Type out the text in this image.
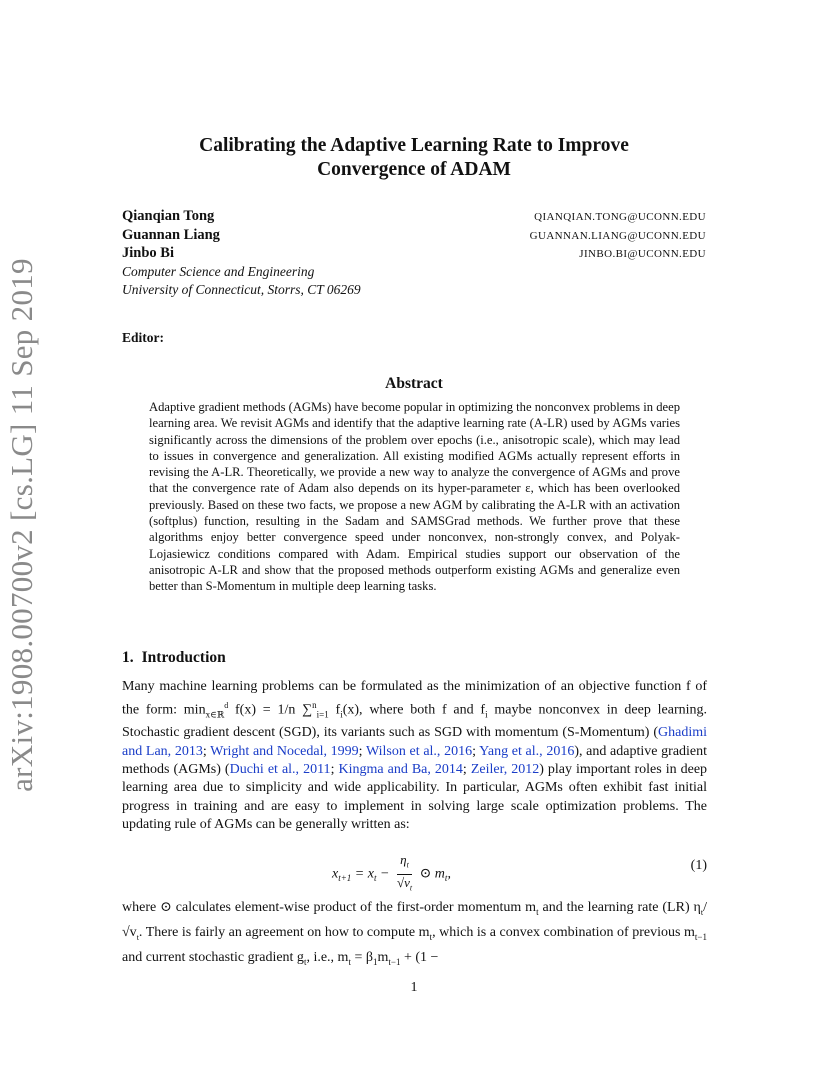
arXiv:1908.00700v2 [cs.LG] 11 Sep 2019
Calibrating the Adaptive Learning Rate to Improve
Convergence of ADAM
Qianqian Tong	QIANQIAN.TONG@UCONN.EDU
Guannan Liang	GUANNAN.LIANG@UCONN.EDU
Jinbo Bi	JINBO.BI@UCONN.EDU
Computer Science and Engineering
University of Connecticut, Storrs, CT 06269
Editor:
Abstract
Adaptive gradient methods (AGMs) have become popular in optimizing the nonconvex problems in deep learning area. We revisit AGMs and identify that the adaptive learning rate (A-LR) used by AGMs varies significantly across the dimensions of the problem over epochs (i.e., anisotropic scale), which may lead to issues in convergence and generalization. All existing modified AGMs actually represent efforts in revising the A-LR. Theoretically, we provide a new way to analyze the convergence of AGMs and prove that the convergence rate of Adam also depends on its hyper-parameter ε, which has been overlooked previously. Based on these two facts, we propose a new AGM by calibrating the A-LR with an activation (softplus) function, resulting in the Sadam and SAMSGrad methods. We further prove that these algorithms enjoy better convergence speed under nonconvex, non-strongly convex, and Polyak-Lojasiewicz conditions compared with Adam. Empirical studies support our observation of the anisotropic A-LR and show that the proposed methods outperform existing AGMs and generalize even better than S-Momentum in multiple deep learning tasks.
1. Introduction
Many machine learning problems can be formulated as the minimization of an objective function f of the form: $\min_{x\in ℝ}^d f(x) = 1/n$ ∑$^n_{i=1}$ $f_i(x)$, where both f and $f_i$ maybe nonconvex in deep learning. Stochastic gradient descent (SGD), its variants such as SGD with momentum (S-Momentum) (Ghadimi and Lan, 2013; Wright and Nocedal, 1999; Wilson et al., 2016; Yang et al., 2016), and adaptive gradient methods (AGMs) (Duchi et al., 2011; Kingma and Ba, 2014; Zeiler, 2012) play important roles in deep learning area due to simplicity and wide applicability. In particular, AGMs often exhibit fast initial progress in training and are easy to implement in solving large scale optimization problems. The updating rule of AGMs can be generally written as:
$x_{t+1} = x_t - \frac{\eta_t}{√v_t}$ ⊙ $m_t$,
(1)
where ⊙ calculates element-wise product of the first-order momentum $m_t$ and the learning rate (LR) $\eta_t/√v_t$. There is fairly an agreement on how to compute $m_t$, which is a convex combination of previous $m_{t-1}$ and current stochastic gradient $g_t$, i.e., $m_t = \beta_1m_{t-1} + (1$ −
1
